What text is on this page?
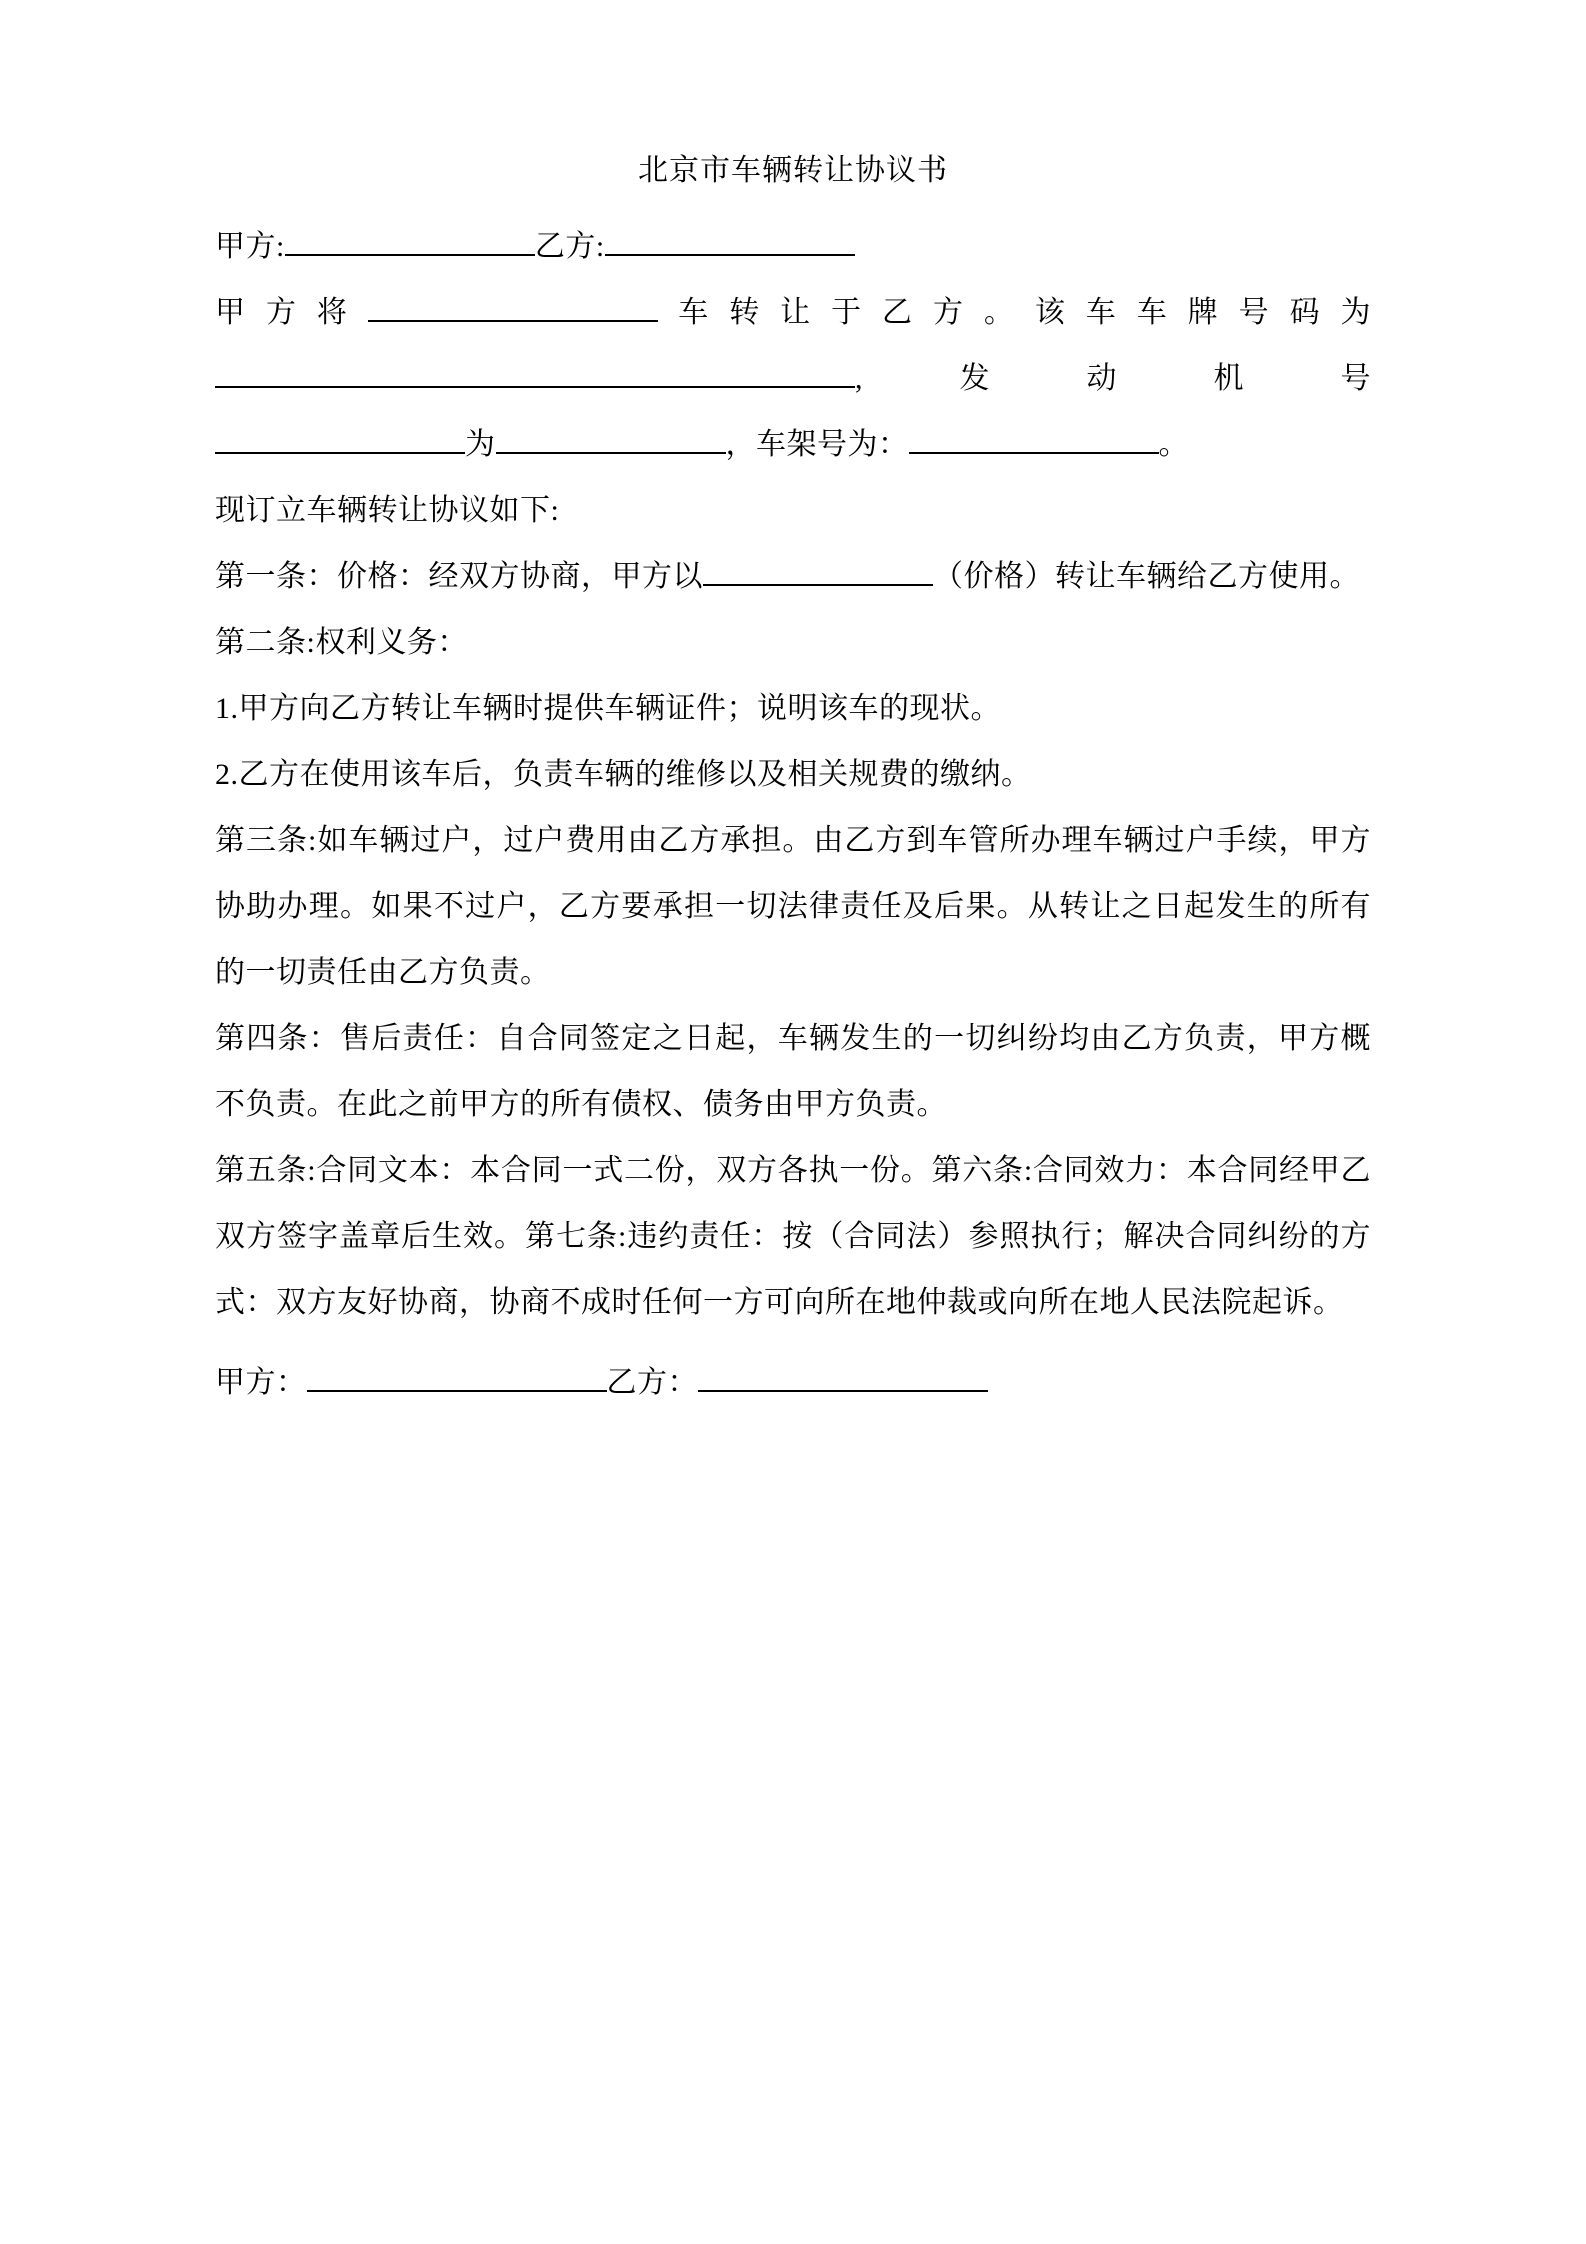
北京市车辆转让协议书

甲方:	乙方:

甲方将	车转让于乙方。该车车牌号码为

,发动机号

为	，车架号为：	。

现订立车辆转让协议如下:

第一条：价格：经双方协商，甲方以	（价格）转让车辆给乙方使用。

第二条:权利义务：

1.甲方向乙方转让车辆时提供车辆证件；说明该车的现状。

2.乙方在使用该车后，负责车辆的维修以及相关规费的缴纳。

第三条:如车辆过户，过户费用由乙方承担。由乙方到车管所办理车辆过户手续，甲方协助办理。如果不过户，乙方要承担一切法律责任及后果。从转让之日起发生的所有的一切责任由乙方负责。

第四条：售后责任：自合同签定之日起，车辆发生的一切纠纷均由乙方负责，甲方概不负责。在此之前甲方的所有债权、债务由甲方负责。

第五条:合同文本：本合同一式二份，双方各执一份。第六条:合同效力：本合同经甲乙双方签字盖章后生效。第七条:违约责任：按（合同法）参照执行；解决合同纠纷的方式：双方友好协商，协商不成时任何一方可向所在地仲裁或向所在地人民法院起诉。

甲方：	乙方：
